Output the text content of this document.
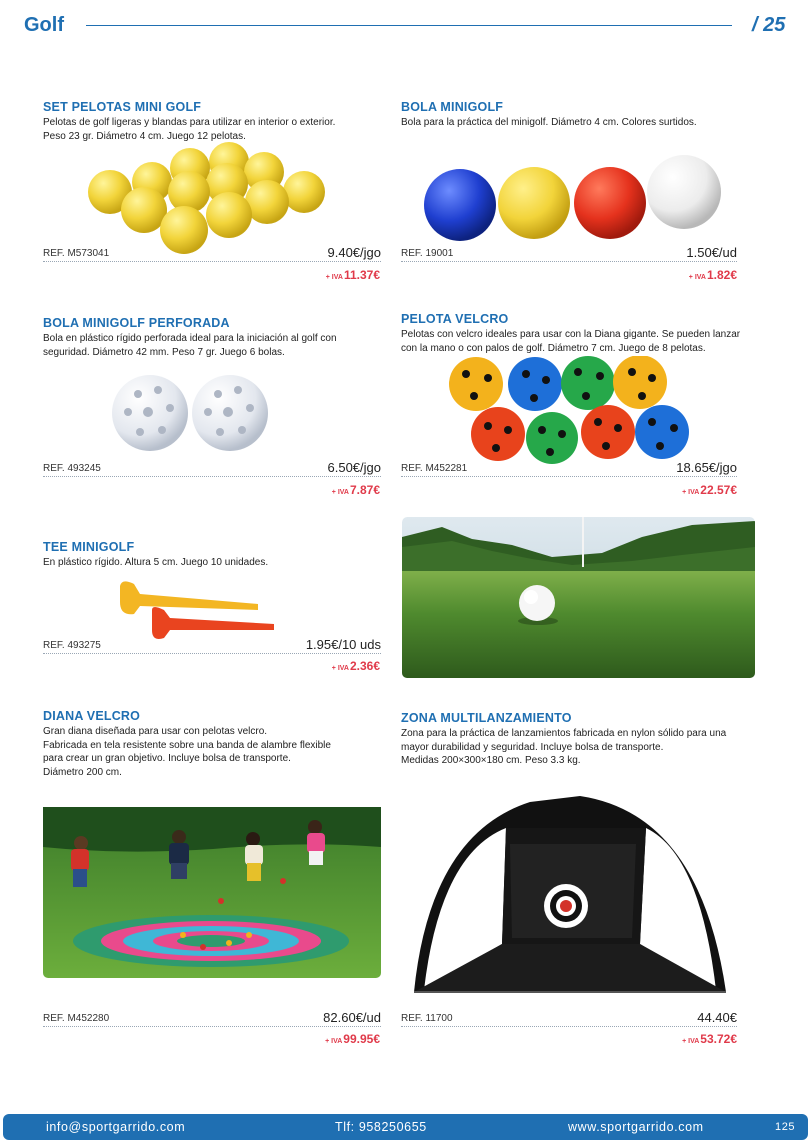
Golf	/ 25
SET PELOTAS MINI GOLF
Pelotas de golf ligeras y blandas para utilizar en interior o exterior.
Peso 23 gr. Diámetro 4 cm. Juego 12 pelotas.
REF. M573041	9.40€/jgo
+ IVA11.37€
BOLA MINIGOLF
Bola para la práctica del minigolf. Diámetro 4 cm. Colores surtidos.
REF. 19001	1.50€/ud
+ IVA1.82€
BOLA MINIGOLF PERFORADA
Bola en plástico rígido perforada ideal para la iniciación al golf con
seguridad. Diámetro 42 mm. Peso 7 gr. Juego 6 bolas.
REF. 493245	6.50€/jgo
+ IVA7.87€
PELOTA VELCRO
Pelotas con velcro ideales para usar con la Diana gigante. Se pueden lanzar
con la mano o con palos de golf. Diámetro 7 cm. Juego de 8 pelotas.
REF. M452281	18.65€/jgo
+ IVA22.57€
TEE MINIGOLF
En plástico rígido. Altura 5 cm. Juego 10 unidades.
REF. 493275	1.95€/10 uds
+ IVA2.36€
DIANA VELCRO
Gran diana diseñada para usar con pelotas velcro.
Fabricada en tela resistente sobre una banda de alambre flexible
para crear un gran objetivo. Incluye bolsa de transporte.
Diámetro 200 cm.
REF. M452280	82.60€/ud
+ IVA99.95€
ZONA MULTILANZAMIENTO
Zona para la práctica de lanzamientos fabricada en nylon sólido para una
mayor durabilidad y seguridad. Incluye bolsa de transporte.
Medidas 200×300×180 cm. Peso 3.3 kg.
REF. 11700	44.40€
+ IVA53.72€
info@sportgarrido.com	Tlf: 958250655	www.sportgarrido.com	125
